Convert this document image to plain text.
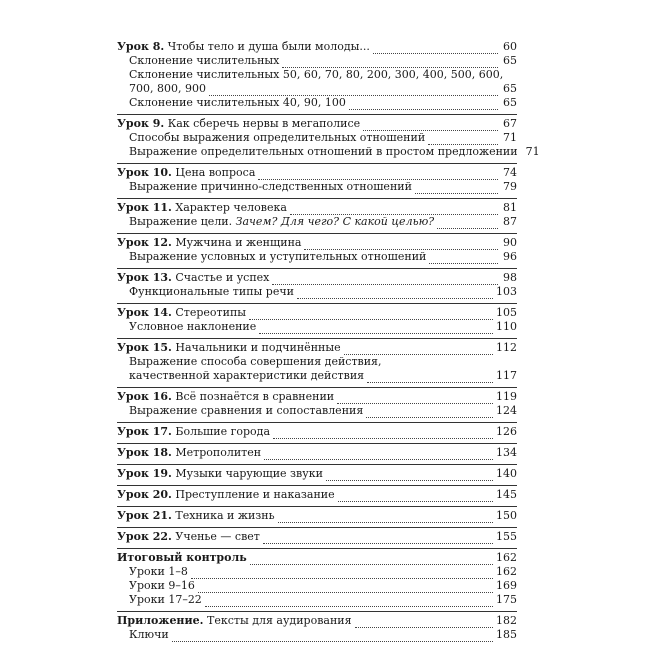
Урок 8. Чтобы тело и душа были молоды...	60
Склонение числительных	65
Склонение числительных 50, 60, 70, 80, 200, 300, 400, 500, 600,
700, 800, 900	65
Склонение числительных 40, 90, 100	65
Урок 9. Как сберечь нервы в мегаполисе	67
Способы выражения определительных отношений	71
Выражение определительных отношений в простом предложении 71
Урок 10. Цена вопроса	74
Выражение причинно-следственных отношений	79
Урок 11. Характер человека	81
Выражение цели. Зачем? Для чего? С какой целью?	87
Урок 12. Мужчина и женщина	90
Выражение условных и уступительных отношений	96
Урок 13. Счастье и успех	98
Функциональные типы речи	103
Урок 14. Стереотипы	105
Условное наклонение	110
Урок 15. Начальники и подчинённые	112
Выражение способа совершения действия,
качественной характеристики действия	117
Урок 16. Всё познаётся в сравнении	119
Выражение сравнения и сопоставления	124
Урок 17. Большие города	126
Урок 18. Метрополитен	134
Урок 19. Музыки чарующие звуки	140
Урок 20. Преступление и наказание	145
Урок 21. Техника и жизнь	150
Урок 22. Ученье — свет	155
Итоговый контроль	162
Уроки 1–8	162
Уроки 9–16	169
Уроки 17–22	175
Приложение. Тексты для аудирования	182
Ключи	185
